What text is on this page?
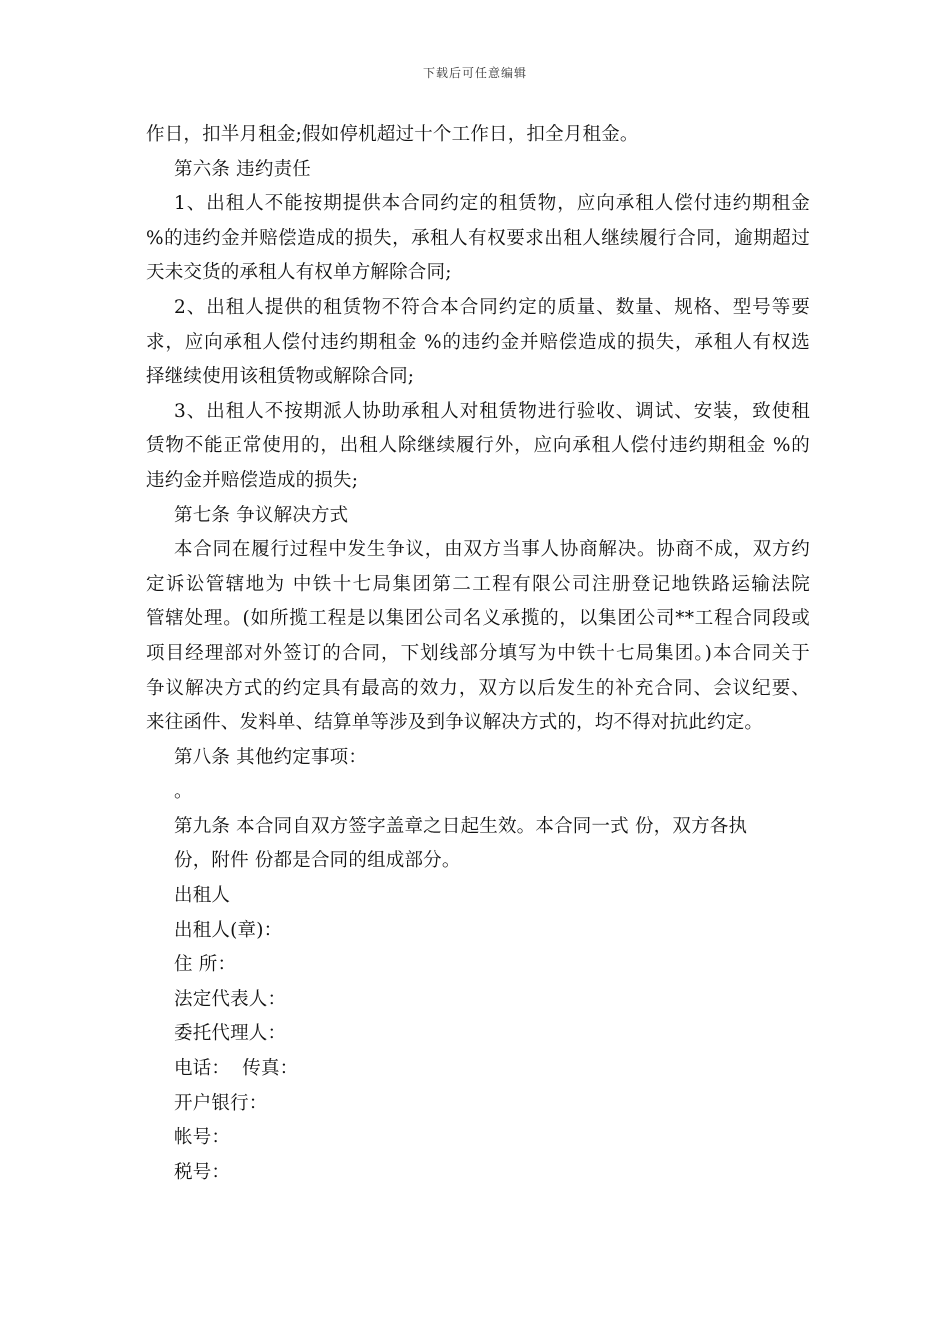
下载后可任意编辑
作日，扣半月租金;假如停机超过十个工作日，扣全月租金。
第六条 违约责任
1、出租人不能按期提供本合同约定的租赁物，应向承租人偿付违约期租金
%的违约金并赔偿造成的损失，承租人有权要求出租人继续履行合同，逾期超过
天未交货的承租人有权单方解除合同;
2、出租人提供的租赁物不符合本合同约定的质量、数量、规格、型号等要
求，应向承租人偿付违约期租金 %的违约金并赔偿造成的损失，承租人有权选
择继续使用该租赁物或解除合同;
3、出租人不按期派人协助承租人对租赁物进行验收、调试、安装，致使租
赁物不能正常使用的，出租人除继续履行外，应向承租人偿付违约期租金 %的
违约金并赔偿造成的损失;
第七条 争议解决方式
本合同在履行过程中发生争议，由双方当事人协商解决。协商不成，双方约
定诉讼管辖地为 中铁十七局集团第二工程有限公司注册登记地铁路运输法院
管辖处理。(如所揽工程是以集团公司名义承揽的，以集团公司**工程合同段或
项目经理部对外签订的合同，下划线部分填写为中铁十七局集团。)本合同关于
争议解决方式的约定具有最高的效力，双方以后发生的补充合同、会议纪要、
来往函件、发料单、结算单等涉及到争议解决方式的，均不得对抗此约定。
第八条 其他约定事项：
。
第九条 本合同自双方签字盖章之日起生效。本合同一式 份，双方各执
份，附件 份都是合同的组成部分。
出租人
出租人(章)：
住 所：
法定代表人：
委托代理人：
电话：  传真：
开户银行：
帐号：
税号：
